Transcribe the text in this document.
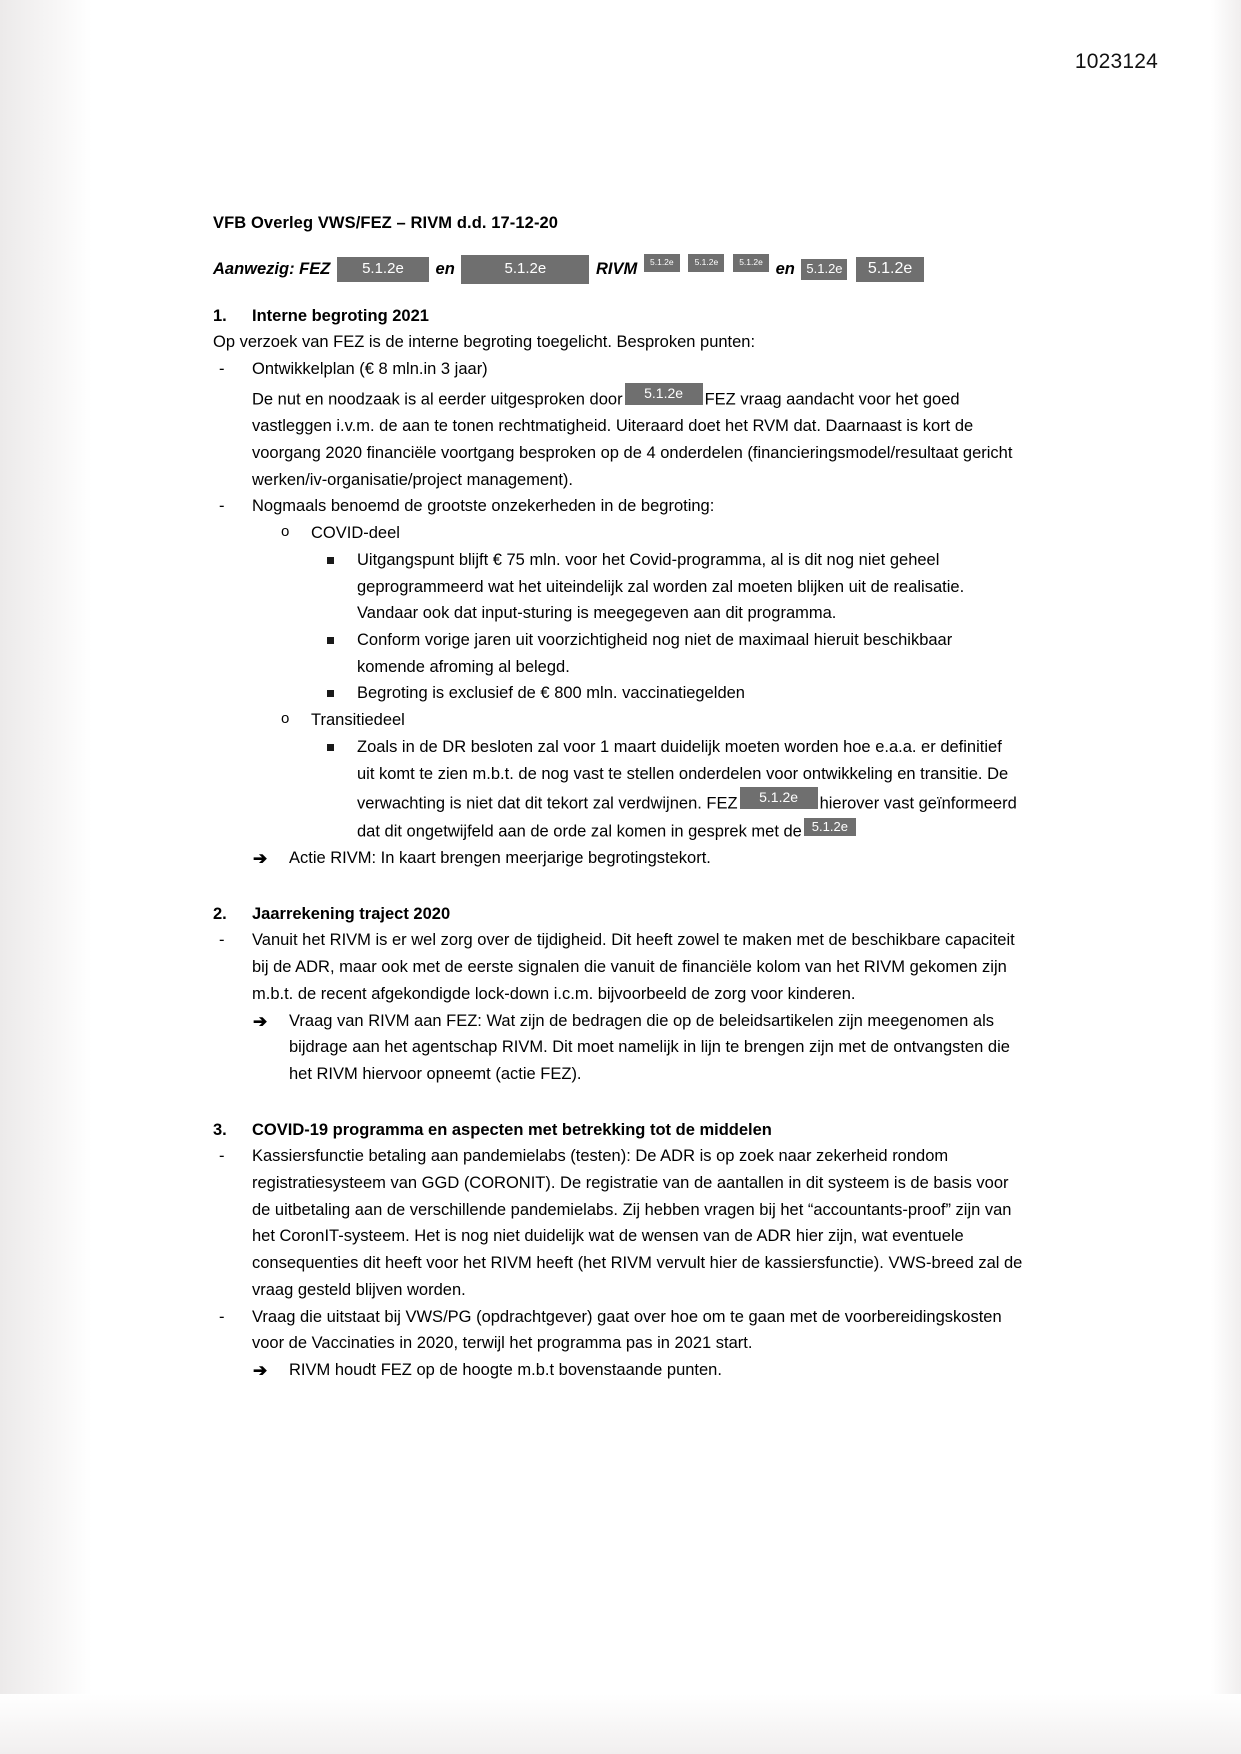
1023124
VFB Overleg VWS/FEZ – RIVM d.d. 17-12-20
Aanwezig: FEZ 5.1.2e en	5.1.2e	RIVM 5.1.2e 5.1.2e 5.1.2e en 5.1.2e 5.1.2e
1. Interne begroting 2021

Op verzoek van FEZ is de interne begroting toegelicht. Besproken punten:

- Ontwikkelplan (€ 8 mln.in 3 jaar)
De nut en noodzaak is al eerder uitgesproken door 5.1.2e FEZ vraag aandacht voor het goed vastleggen i.v.m. de aan te tonen rechtmatigheid. Uiteraard doet het RVM dat. Daarnaast is kort de voorgang 2020 financiële voortgang besproken op de 4 onderdelen (financieringsmodel/resultaat gericht werken/iv-organisatie/project management).
- Nogmaals benoemd de grootste onzekerheden in de begroting:
o COVID-deel
Uitgangspunt blijft € 75 mln. voor het Covid-programma, al is dit nog niet geheel geprogrammeerd wat het uiteindelijk zal worden zal moeten blijken uit de realisatie. Vandaar ook dat input-sturing is meegegeven aan dit programma.
Conform vorige jaren uit voorzichtigheid nog niet de maximaal hieruit beschikbaar komende afroming al belegd.
Begroting is exclusief de € 800 mln. vaccinatiegelden
o Transitiedeel
Zoals in de DR besloten zal voor 1 maart duidelijk moeten worden hoe e.a.a. er definitief uit komt te zien m.b.t. de nog vast te stellen onderdelen voor ontwikkeling en transitie. De verwachting is niet dat dit tekort zal verdwijnen. FEZ 5.1.2e hierover vast geïnformeerd dat dit ongetwijfeld aan de orde zal komen in gesprek met de 5.1.2e
➔ Actie RIVM: In kaart brengen meerjarige begrotingstekort.
2. Jaarrekening traject 2020
- Vanuit het RIVM is er wel zorg over de tijdigheid. Dit heeft zowel te maken met de beschikbare capaciteit bij de ADR, maar ook met de eerste signalen die vanuit de financiële kolom van het RIVM gekomen zijn m.b.t. de recent afgekondigde lock-down i.c.m. bijvoorbeeld de zorg voor kinderen.
➔ Vraag van RIVM aan FEZ: Wat zijn de bedragen die op de beleidsartikelen zijn meegenomen als bijdrage aan het agentschap RIVM. Dit moet namelijk in lijn te brengen zijn met de ontvangsten die het RIVM hiervoor opneemt (actie FEZ).
3. COVID-19 programma en aspecten met betrekking tot de middelen
- Kassiersfunctie betaling aan pandemielabs (testen): De ADR is op zoek naar zekerheid rondom registratiesysteem van GGD (CORONIT). De registratie van de aantallen in dit systeem is de basis voor de uitbetaling aan de verschillende pandemielabs. Zij hebben vragen bij het “accountants-proof” zijn van het CoronIT-systeem. Het is nog niet duidelijk wat de wensen van de ADR hier zijn, wat eventuele consequenties dit heeft voor het RIVM heeft (het RIVM vervult hier de kassiersfunctie). VWS-breed zal de vraag gesteld blijven worden.
- Vraag die uitstaat bij VWS/PG (opdrachtgever) gaat over hoe om te gaan met de voorbereidingskosten voor de Vaccinaties in 2020, terwijl het programma pas in 2021 start.
➔ RIVM houdt FEZ op de hoogte m.b.t bovenstaande punten.
